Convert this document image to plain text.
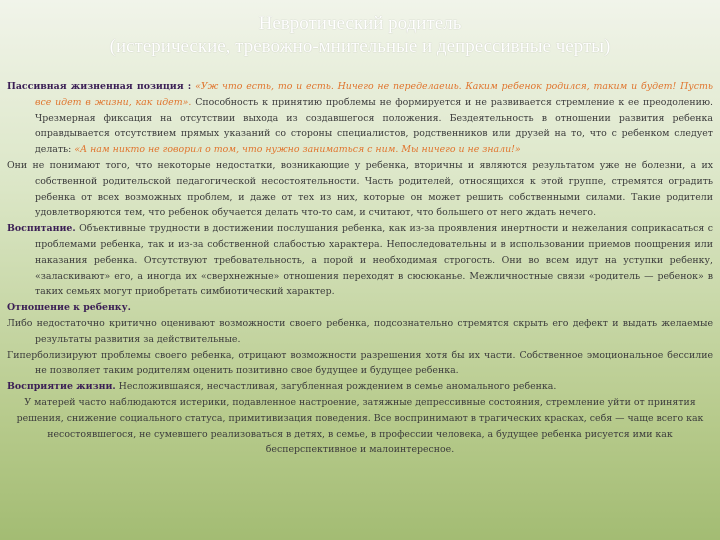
Невротический родитель
(истерические, тревожно-мнительные и депрессивные черты)

Пассивная жизненная позиция : «Уж что есть, то и есть. Ничего не переделаешь. Каким ребенок родился, таким и будет! Пусть все идет в жизни, как идет». Способность к принятию проблемы не формируется и не развивается стремление к ее преодолению. Чрезмерная фиксация на отсутствии выхода из создавшегося положения. Бездеятельность в отношении развития ребенка оправдывается отсутствием прямых указаний со стороны специалистов, родственников или друзей на то, что с ребенком следует делать: «А нам никто не говорил о том, что нужно заниматься с ним. Мы ничего и не знали!»

Они не понимают того, что некоторые недостатки, возникающие у ребенка, вторичны и являются результатом уже не болезни, а их собственной родительской педагогической несостоятельности. Часть родителей, относящихся к этой группе, стремятся оградить ребенка от всех возможных проблем, и даже от тех из них, которые он может решить собственными силами. Такие родители удовлетворяются тем, что ребенок обучается делать что-то сам, и считают, что большего от него ждать нечего.

Воспитание. Объективные трудности в достижении послушания ребенка, как из-за проявления инертности и нежелания соприкасаться с проблемами ребенка, так и из-за собственной слабостью характера. Непоследовательны и в использовании приемов поощрения или наказания ребенка. Отсутствуют требовательность, а порой и необходимая строгость. Они во всем идут на уступки ребенку, «заласкивают» его, а иногда их «сверхнежные» отношения переходят в сюсюканье. Межличностные связи «родитель — ребенок» в таких семьях могут приобретать симбиотический характер.

Отношение к ребенку.

Либо недостаточно критично оценивают возможности своего ребенка, подсознательно стремятся скрыть его дефект и выдать желаемые результаты развития за действительные.

Гиперболизируют проблемы своего ребенка, отрицают возможности разрешения хотя бы их части. Собственное эмоциональное бессилие не позволяет таким родителям оценить позитивно свое будущее и будущее ребенка.

Восприятие жизни. Несложившаяся, несчастливая, загубленная рождением в семье аномального ребенка.

У матерей часто наблюдаются истерики, подавленное настроение, затяжные депрессивные состояния, стремление уйти от принятия решения, снижение социального статуса, примитивизация поведения. Все воспринимают в трагических красках, себя — чаще всего как несостоявшегося, не сумевшего реализоваться в детях, в семье, в профессии человека, а будущее ребенка рисуется ими как бесперспективное и малоинтересное.
